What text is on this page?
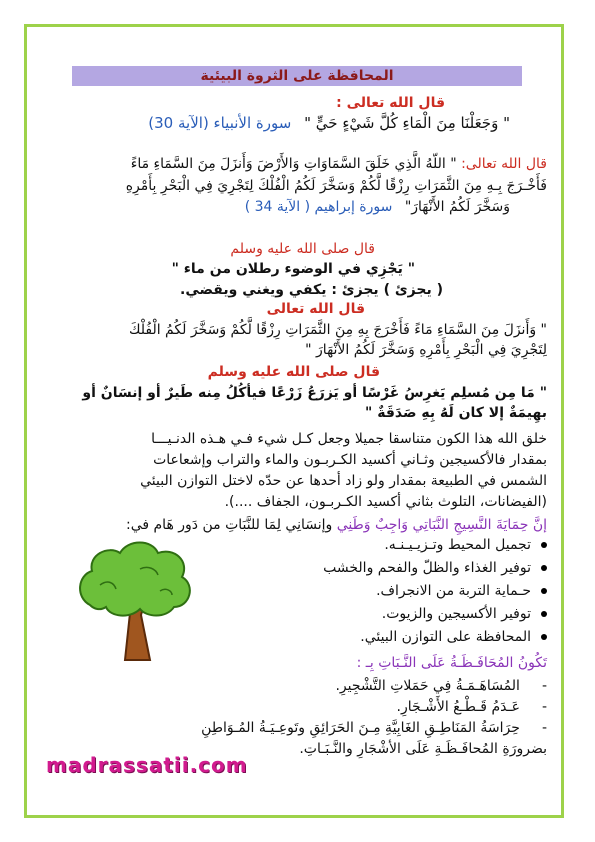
المحافظة على الثروة البيئية
قال الله تعالى :
" وَجَعَلْنَا مِنَ الْمَاءِ كُلَّ شَيْءٍ حَيٍّ " سورة الأنبياء (الآية 30)
قال الله تعالى: " اللّهُ الَّذِي خَلَقَ السَّمَاوَاتِ وَالأَرْضَ وَأَنزَلَ مِنَ السَّمَاءِ مَاءً
فَأَخْـرَجَ بِـهِ مِنَ الثَّمَرَاتِ رِزْقًا لَّكُمْ وَسَخَّرَ لَكُمُ الْفُلْكَ لِتَجْرِيَ فِي الْبَحْرِ بِأَمْرِهِ
وَسَخَّرَ لَكُمُ الأَنْهَارَ" سورة إبراهيم ( الآية 34 )
قال صلى الله عليه وسلم
" يَجْزِي في الوضوء رطلان من ماء "
( يجزئ ) يجزئ : يكفي ويغني ويقضي.
قال الله تعالى
" وَأَنزَلَ مِنَ السَّمَاءِ مَاءً فَأَخْرَجَ بِهِ مِنَ الثَّمَرَاتِ رِزْقًا لَّكُمْ وَسَخَّرَ لَكُمُ الْفُلْكَ
لِتَجْرِيَ فِي الْبَحْرِ بِأَمْرِهِ وَسَخَّرَ لَكُمُ الأَنْهَارَ "
قال صلى الله عليه وسلم
" مَا مِن مُسلِم يَغرِسُ غَرْسًا أو يَزرَعُ زَرْعًا فيأكُلُ مِنه طَيرٌ أو إنسَانٌ أو
بهِيمَةٌ إلا كان لَهُ بِهِ صَدَقَةٌ "
خلق الله هذا الكون متناسقا جميلا وجعل كـل شيء فـي هـذه الدنـيـــا
بمقدار فالأكسيجين وثـاني أكسيد الكـربـون والماء والتراب وإشعاعات
الشمس في الطبيعة بمقدار ولو زاد أحدها عن حدّه لاختل التوازن البيئي
(الفيضانات، التلوث بثاني أكسيد الكـربـون، الجفاف ....).
إنَّ حِمَايَةَ النَّسِيجِ النَّبَاتِي وَاجِبٌ وَطَنِي وإنسَانِي لِمَا للنَّبَاتِ من دَور هَام في:
تجميل المحيط وتـزيـيـنـه.
توفير الغذاء والظلّ والفحم والخشب
حـماية التربة من الانجراف.
توفير الأكسيجين والزيوت.
المحافظة على التوازن البيئي.
تَكُونُ المُحَافَـظَـةُ عَلَى النَّـبَاتِ بِـ :
-المُسَاهَـمَـةُ فِي حَمَلاتِ التَّشْجِيرِ.
-عَـدَمُ قَـطْـعُ الأَشْـجَارِ.
-حِرَاسَةُ المَنَاطِـقِ الغَابِيَّةِ مِـنَ الحَرَائِقِ وتَوعِـيَـةُ المُـوَاطِنِ
بضرورَةِ المُحافَـظَـةِ عَلَى الأشْجَارِ والنَّـبَـاتِ.
madrassatii.com
